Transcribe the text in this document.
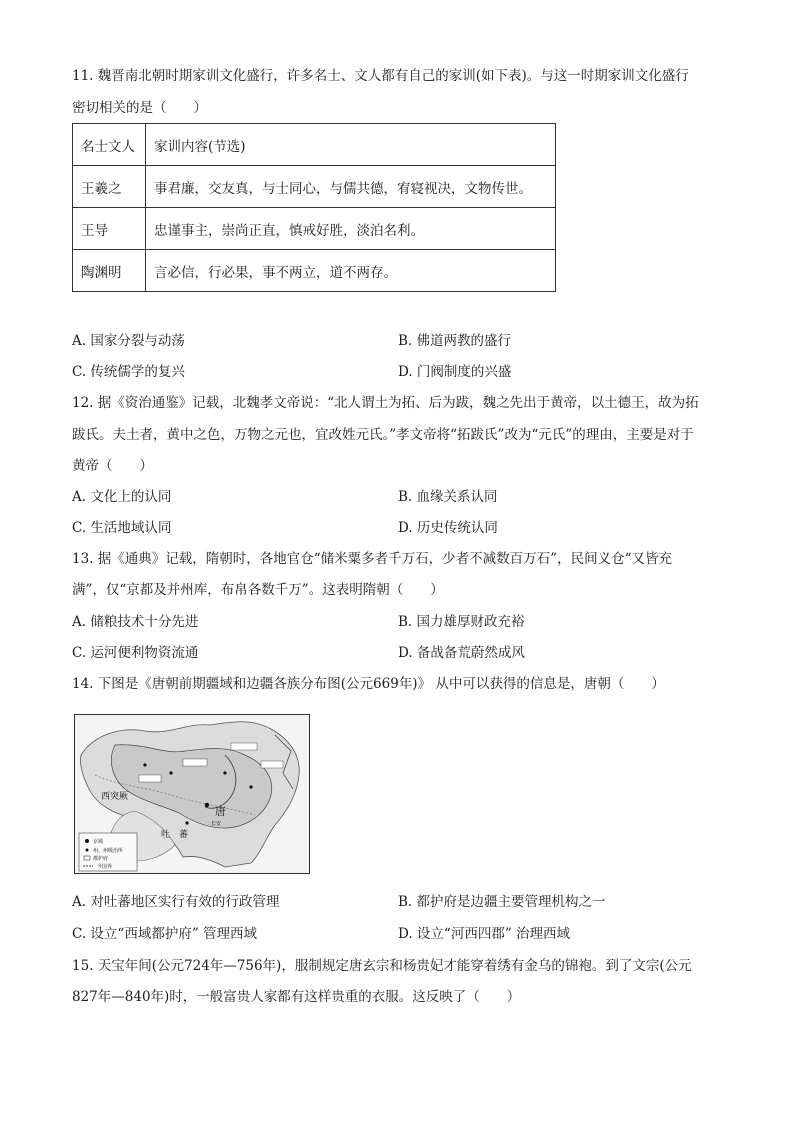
11. 魏晋南北朝时期家训文化盛行，许多名士、文人都有自己的家训(如下表)。与这一时期家训文化盛行
密切相关的是（　　）
名士文人	家训内容(节选)
王羲之	事君廉，交友真，与士同心，与儒共德，宥寝视决，文物传世。
王导	忠谨事主，崇尚正直，慎戒好胜，淡泊名利。
陶渊明	言必信，行必果，事不两立，道不两存。
A. 国家分裂与动荡	B. 佛道两教的盛行
C. 传统儒学的复兴	D. 门阀制度的兴盛
12. 据《资治通鉴》记载，北魏孝文帝说：“北人谓土为拓、后为跋，魏之先出于黄帝，以土德王，故为拓
跋氏。夫土者，黄中之色，万物之元也，宜改姓元氏。”孝文帝将“拓跋氏”改为“元氏”的理由，主要是对于
黄帝（　　）
A. 文化上的认同	B. 血缘关系认同
C. 生活地域认同	D. 历史传统认同
13. 据《通典》记载，隋朝时，各地官仓“储米粟多者千万石，少者不减数百万石”，民间义仓“又皆充
满”，仅“京都及并州库，布帛各数千万”。这表明隋朝（　　）
A. 储粮技术十分先进	B. 国力雄厚财政充裕
C. 运河便利物资流通	D. 备战备荒蔚然成风
14. 下图是《唐朝前期疆域和边疆各族分布图(公元669年)》 从中可以获得的信息是，唐朝（　　）
西突厥
吐　蕃
唐
长安
京城
州、州级治所
都护府
今国界
A. 对吐蕃地区实行有效的行政管理	B. 都护府是边疆主要管理机构之一
C. 设立“西域都护府” 管理西域	D. 设立“河西四郡” 治理西域
15. 天宝年间(公元724年—756年)，服制规定唐玄宗和杨贵妃才能穿着绣有金乌的锦袍。到了文宗(公元
827年—840年)时，一般富贵人家都有这样贵重的衣服。这反映了（　　）
